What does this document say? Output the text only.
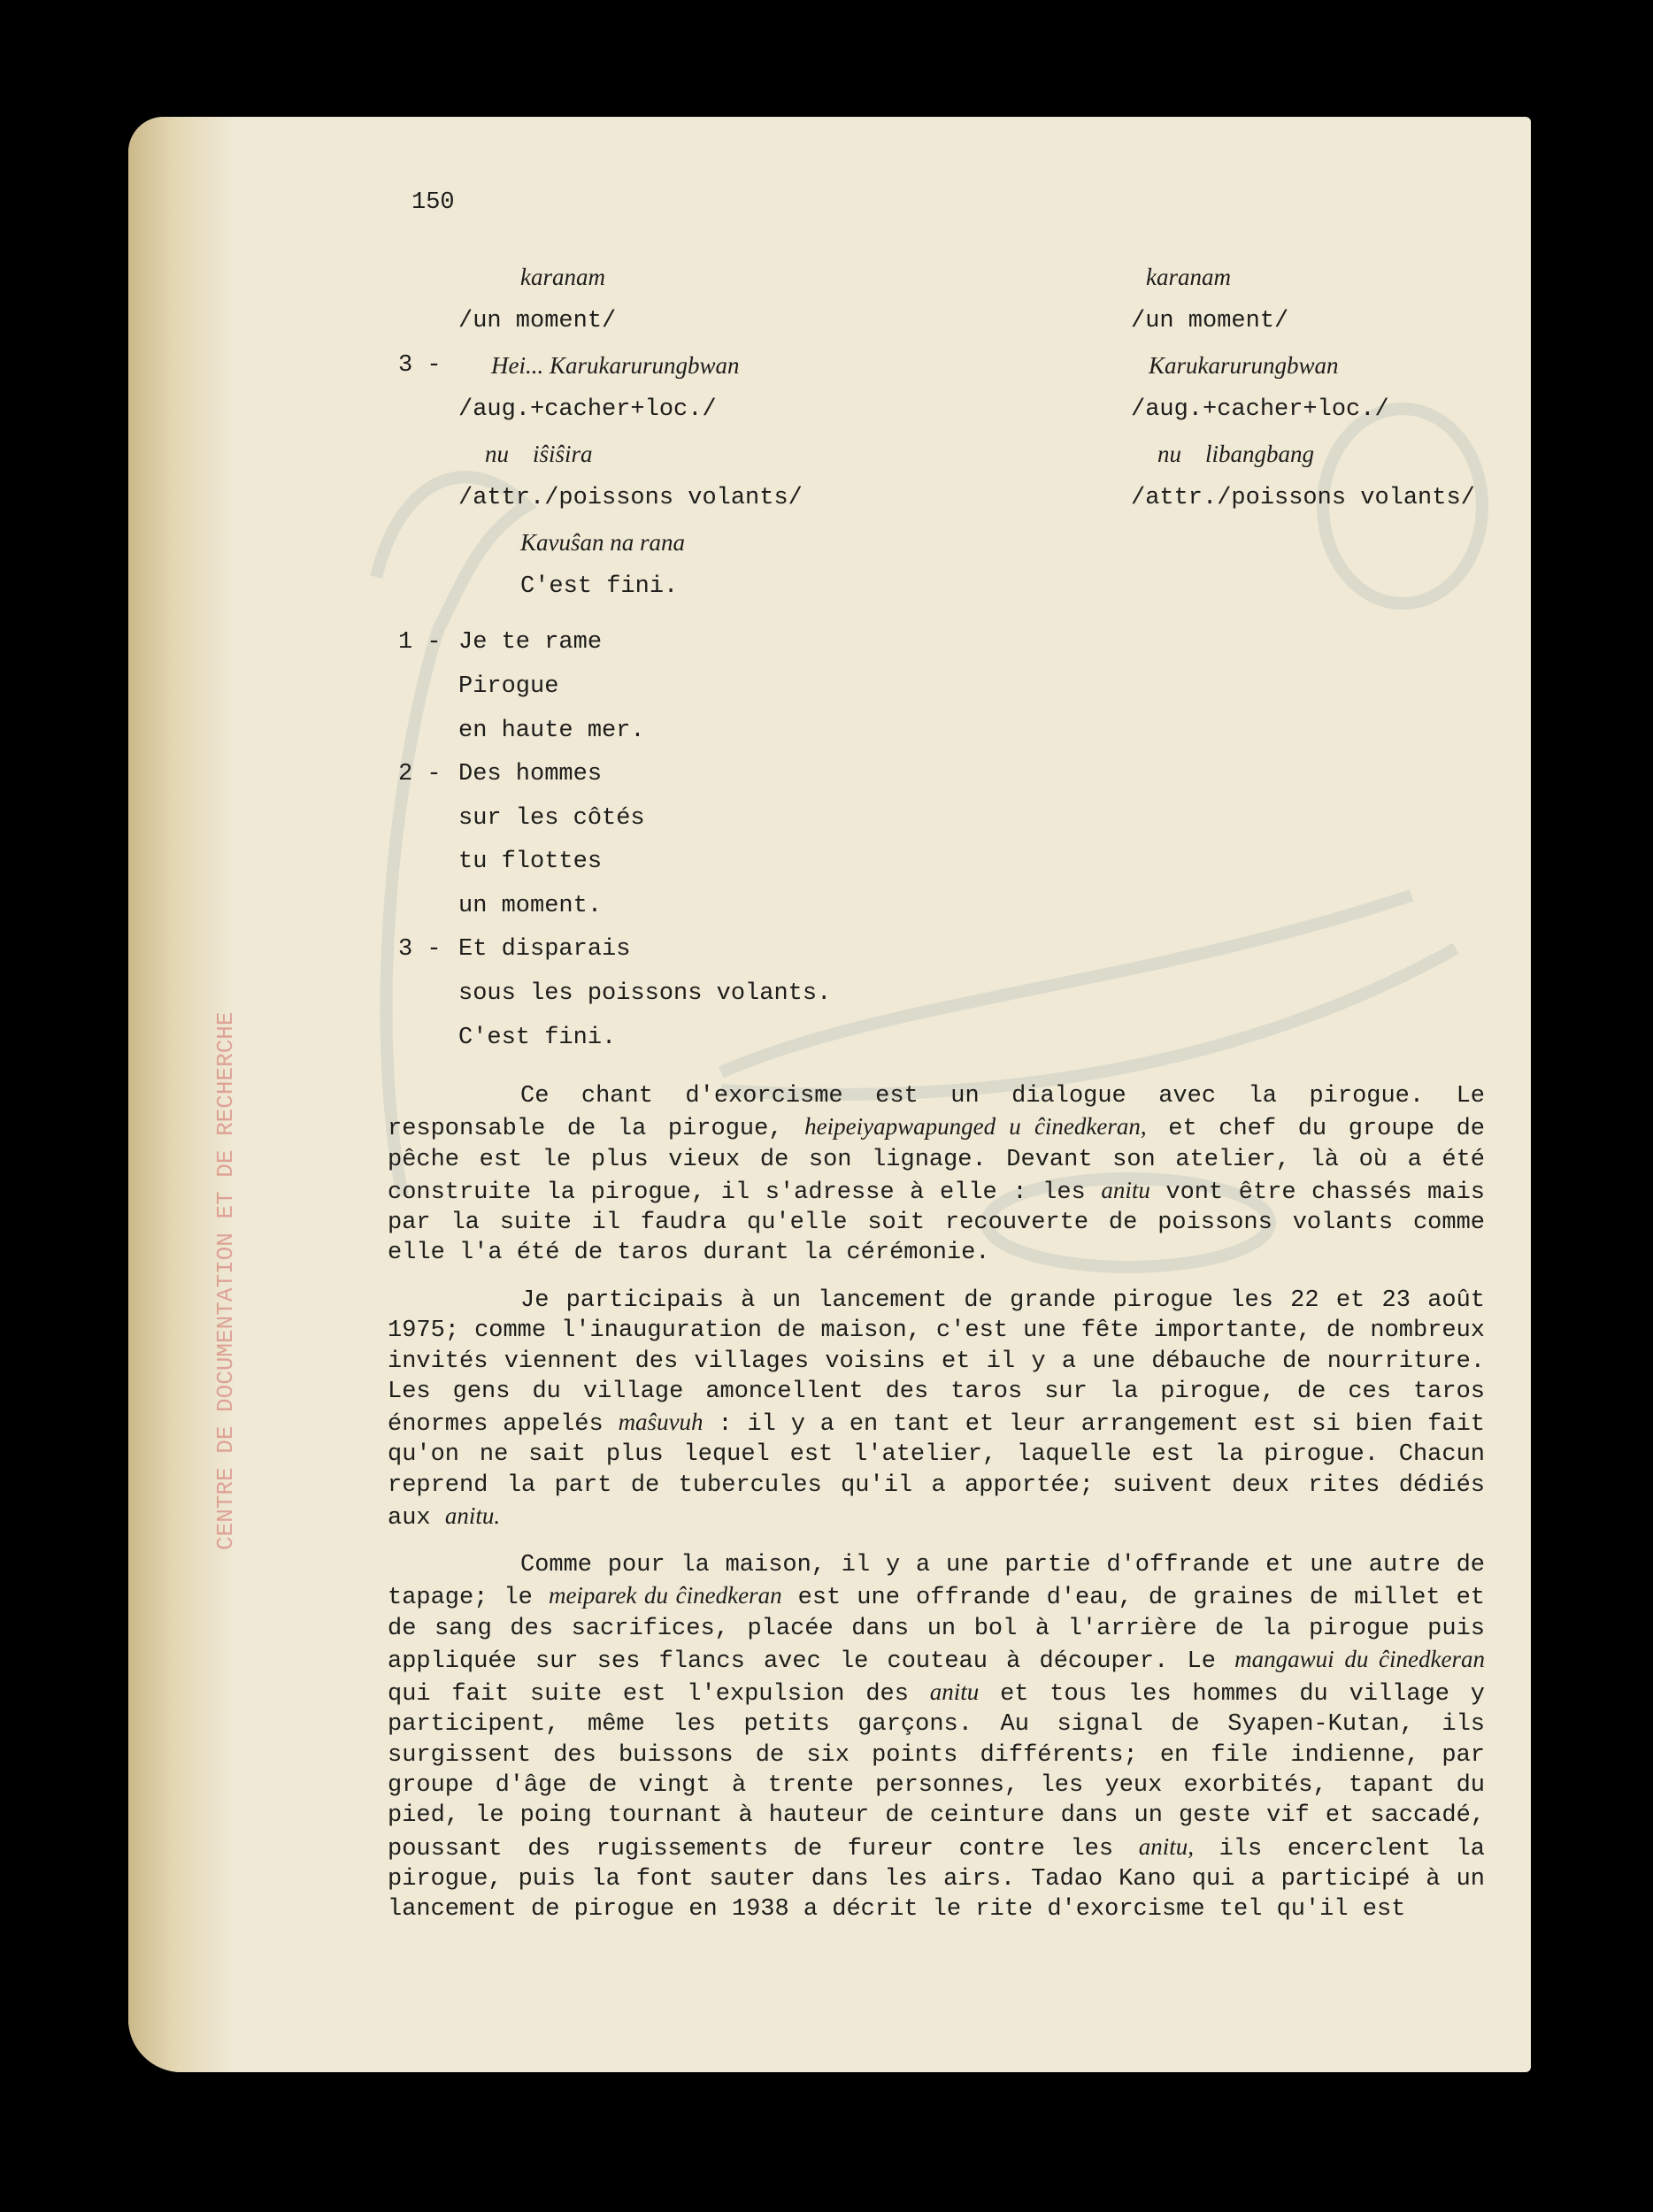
CENTRE DE DOCUMENTATION ET DE RECHERCHE
150
karanam
/un moment/
3 - Hei... Karukarurungbwan
/aug.+cacher+loc./
nu    iŝiŝira
/attr./poissons volants/
Kavuŝan na rana
C'est fini.
karanam
/un moment/
Karukarurungbwan
/aug.+cacher+loc./
nu    libangbang
/attr./poissons volants/
1 - Je te rame
Pirogue
en haute mer.
2 - Des hommes
sur les côtés
tu flottes
un moment.
3 - Et disparais
sous les poissons volants.
C'est fini.
Ce chant d'exorcisme est un dialogue avec la pirogue. Le responsable de la pirogue, heipeiyapwapunged u ĉinedkeran, et chef du groupe de pêche est le plus vieux de son lignage. Devant son atelier, là où a été construite la pirogue, il s'adresse à elle : les anitu vont être chassés mais par la suite il faudra qu'elle soit recouverte de poissons volants comme elle l'a été de taros durant la cérémonie.
Je participais à un lancement de grande pirogue les 22 et 23 août 1975; comme l'inauguration de maison, c'est une fête importante, de nombreux invités viennent des villages voisins et il y a une débauche de nourriture. Les gens du village amoncellent des taros sur la pirogue, de ces taros énormes appelés maŝuvuh : il y a en tant et leur arrangement est si bien fait qu'on ne sait plus lequel est l'atelier, laquelle est la pirogue. Chacun reprend la part de tubercules qu'il a apportée; suivent deux rites dédiés aux anitu.
Comme pour la maison, il y a une partie d'offrande et une autre de tapage; le meiparek du ĉinedkeran est une offrande d'eau, de graines de millet et de sang des sacrifices, placée dans un bol à l'arrière de la pirogue puis appliquée sur ses flancs avec le couteau à découper. Le mangawui du ĉinedkeran qui fait suite est l'expulsion des anitu et tous les hommes du village y participent, même les petits garçons. Au signal de Syapen-Kutan, ils surgissent des buissons de six points différents; en file indienne, par groupe d'âge de vingt à trente personnes, les yeux exorbités, tapant du pied, le poing tournant à hauteur de ceinture dans un geste vif et saccadé, poussant des rugissements de fureur contre les anitu, ils encerclent la pirogue, puis la font sauter dans les airs. Tadao Kano qui a participé à un lancement de pirogue en 1938 a décrit le rite d'exorcisme tel qu'il est
